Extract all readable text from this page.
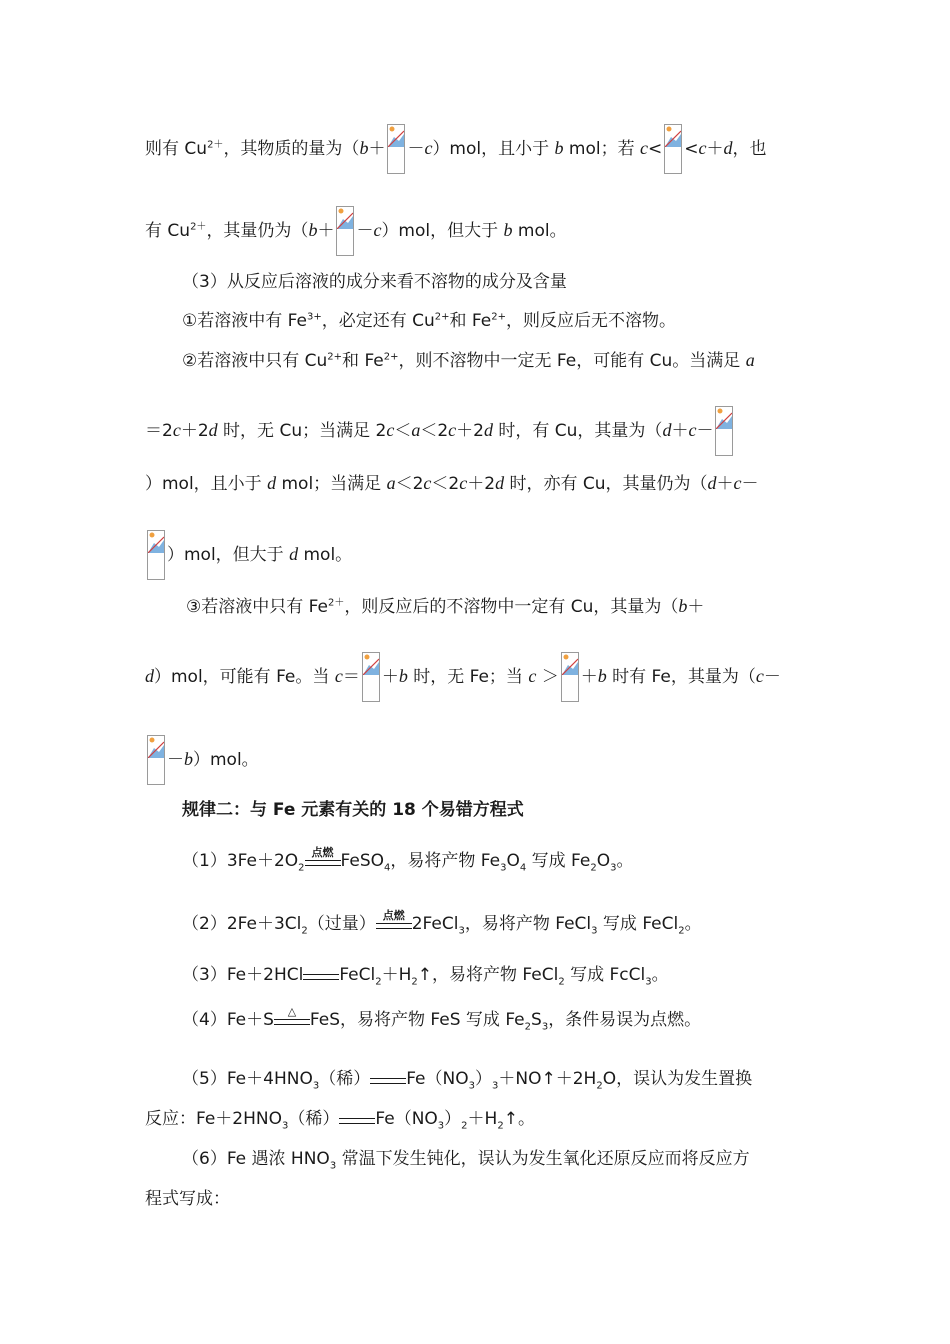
则有 $Cu^{2+}$，其物质的量为（b＋ －c）mol，且小于 b mol；若 c< <c＋d，也
有 $Cu^{2+}$，其量仍为（b＋ －c）mol，但大于 b mol。
（3）从反应后溶液的成分来看不溶物的成分及含量
①若溶液中有 $Fe^{3+}$，必定还有 $Cu^{2+}$和 $Fe^{2+}$，则反应后无不溶物。
②若溶液中只有 $Cu^{2+}$和 $Fe^{2+}$，则不溶物中一定无 Fe，可能有 Cu。当满足 a
＝2c＋2d 时，无 Cu；当满足 2c＜a＜2c＋2d 时，有 Cu，其量为（d＋c－
）mol，且小于 d mol；当满足 a＜2c＜2c＋2d 时，亦有 Cu，其量仍为（d＋c－
）mol，但大于 d mol。
③若溶液中只有 $Fe^{2+}$，则反应后的不溶物中一定有 Cu，其量为（b＋
d）mol，可能有 Fe。当 c＝ ＋b 时，无 Fe；当 c ＞ ＋b 时有 Fe，其量为（c－
－b）mol。
规律二：与 Fe 元素有关的 18 个易错方程式
$(1)3Fe+2O_2$
点燃 FeSO$_4$，易将产物 $Fe_3O_4$ 写成 $Fe_2O_3$。
$(2)2Fe+3Cl_2$（过量） 点燃 2FeCl$_3$，易将产物 FeCl$_3$ 写成 FeCl$_2$。
（3）Fe＋2HCl $FeCl_2+H_2↑$，易将产物 FeCl$_2$ 写成 FcCl$_3$。
（4）Fe＋S	△ FeS，易将产物 FeS 写成 $Fe_2S_3$，条件易误为点燃。
$(5)Fe+4HNO_3$（稀） $Fe(NO_3)_3+NO↑+2H_2O$，误认为发生置换
反应：$Fe+2HNO_3$（稀） $Fe(NO_3)_2+H_2↑$。
（6）Fe 遇浓 $HNO_3$ 常温下发生钝化，误认为发生氧化还原反应而将反应方
程式写成：
